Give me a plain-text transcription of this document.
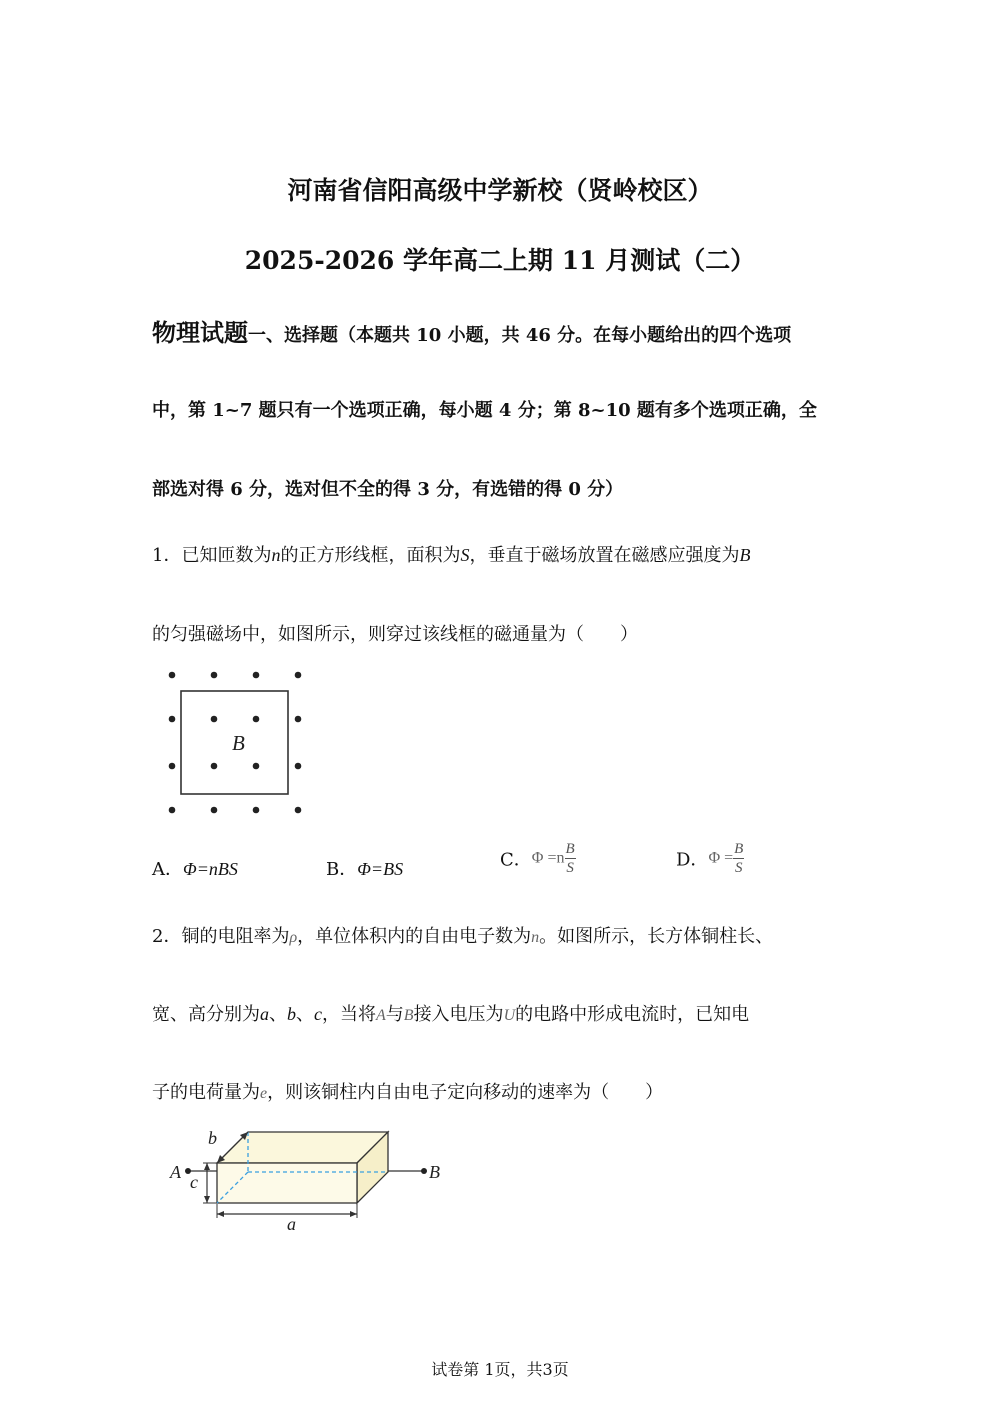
河南省信阳高级中学新校（贤岭校区）
2025-2026 学年高二上期 11 月测试（二）
物理试题一、选择题（本题共 10 小题，共 46 分。在每小题给出的四个选项
中，第 1~7 题只有一个选项正确，每小题 4 分；第 8~10 题有多个选项正确，全
部选对得 6 分，选对但不全的得 3 分，有选错的得 0 分）
1．已知匝数为n的正方形线框，面积为S，垂直于磁场放置在磁感应强度为B
的匀强磁场中，如图所示，则穿过该线框的磁通量为（　　）
B
A．Φ=nBS	B．Φ=BS	C．$\Phi =n \frac{B}{S}$	D．$\Phi = \frac{B}{S}$
2．铜的电阻率为ρ，单位体积内的自由电子数为n。如图所示，长方体铜柱长、
宽、高分别为a、b、c，当将A与B接入电压为U的电路中形成电流时，已知电
子的电荷量为e，则该铜柱内自由电子定向移动的速率为（　　）
b
c
A	B
a
试卷第 1页，共3页
